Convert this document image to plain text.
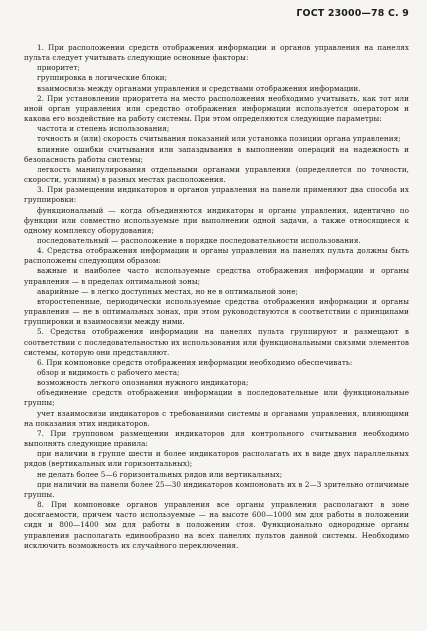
ГОСТ 23000—78 С. 9

1. При расположении средств отображения информации и органов управления на панелях пульта следует учитывать следующие основные факторы:

приоритет;

группировка в логические блоки;

взаимосвязь между органами управления и средствами отображения информации.

2. При установлении приоритета на место расположения необходимо учитывать, как тот или иной орган управления или средство отображения информации используется оператором и какова его воздействие на работу системы. При этом определяются следующие параметры:

частота и степень использования;

точность и (или) скорость считывания показаний или установка позиции органа управления;

влияние ошибки считывания или запаздывания в выполнении операций на надежность и безопасность работы системы;

легкость манипулирования отдельными органами управления (определяется по точности, скорости, усилиям) в разных местах расположения.

3. При размещении индикаторов и органов управления на панели применяют два способа их группировки:

функциональный — когда объединяются индикаторы и органы управления, идентично по функции или совместно используемые при выполнении одной задачи, а также относящиеся к одному комплексу оборудования;

последовательный — расположение в порядке последовательности использования.

4. Средства отображения информации и органы управления на панелях пульта должны быть расположены следующим образом:

важные и наиболее часто используемые средства отображения информации и органы управления — в пределах оптимальной зоны;

аварийные — в легко доступных местах, но не в оптимальной зоне;

второстепенные, периодически используемые средства отображения информации и органы управления — не в оптимальных зонах, при этом руководствуются в соответствии с принципами группировки и взаимосвязи между ними.

5. Средства отображения информации на панелях пульта группируют и размещают в соответствии с последовательностью их использования или функциональными связями элементов системы, которую они представляют.

6. При компоновке средств отображения информации необходимо обеспечивать:

обзор и видимость с рабочего места;

возможность легкого опознания нужного индикатора;

объединение средств отображения информации в последовательные или функциональные группы;

учет взаимосвязи индикаторов с требованиями системы и органами управления, влияющими на показания этих индикаторов.

7. При групповом размещении индикаторов для контрольного считывания необходимо выполнять следующие правила:

при наличии в группе шести и более индикаторов располагать их в виде двух параллельных рядов (вертикальных или горизонтальных);

не делать более 5—6 горизонтальных рядов или вертикальных;

при наличии на панели более 25—30 индикаторов компоновать их в 2—3 зрительно отличимые группы.

8. При компоновке органов управления все органы управления располагают в зоне досягаемости, причем часто используемые — на высоте 600—1000 мм для работы в положении сидя и 800—1400 мм для работы в положении стоя. Функционально однородные органы управления располагать единообразно на всех панелях пультов данной системы. Необходимо исключить возможность их случайного переключения.
